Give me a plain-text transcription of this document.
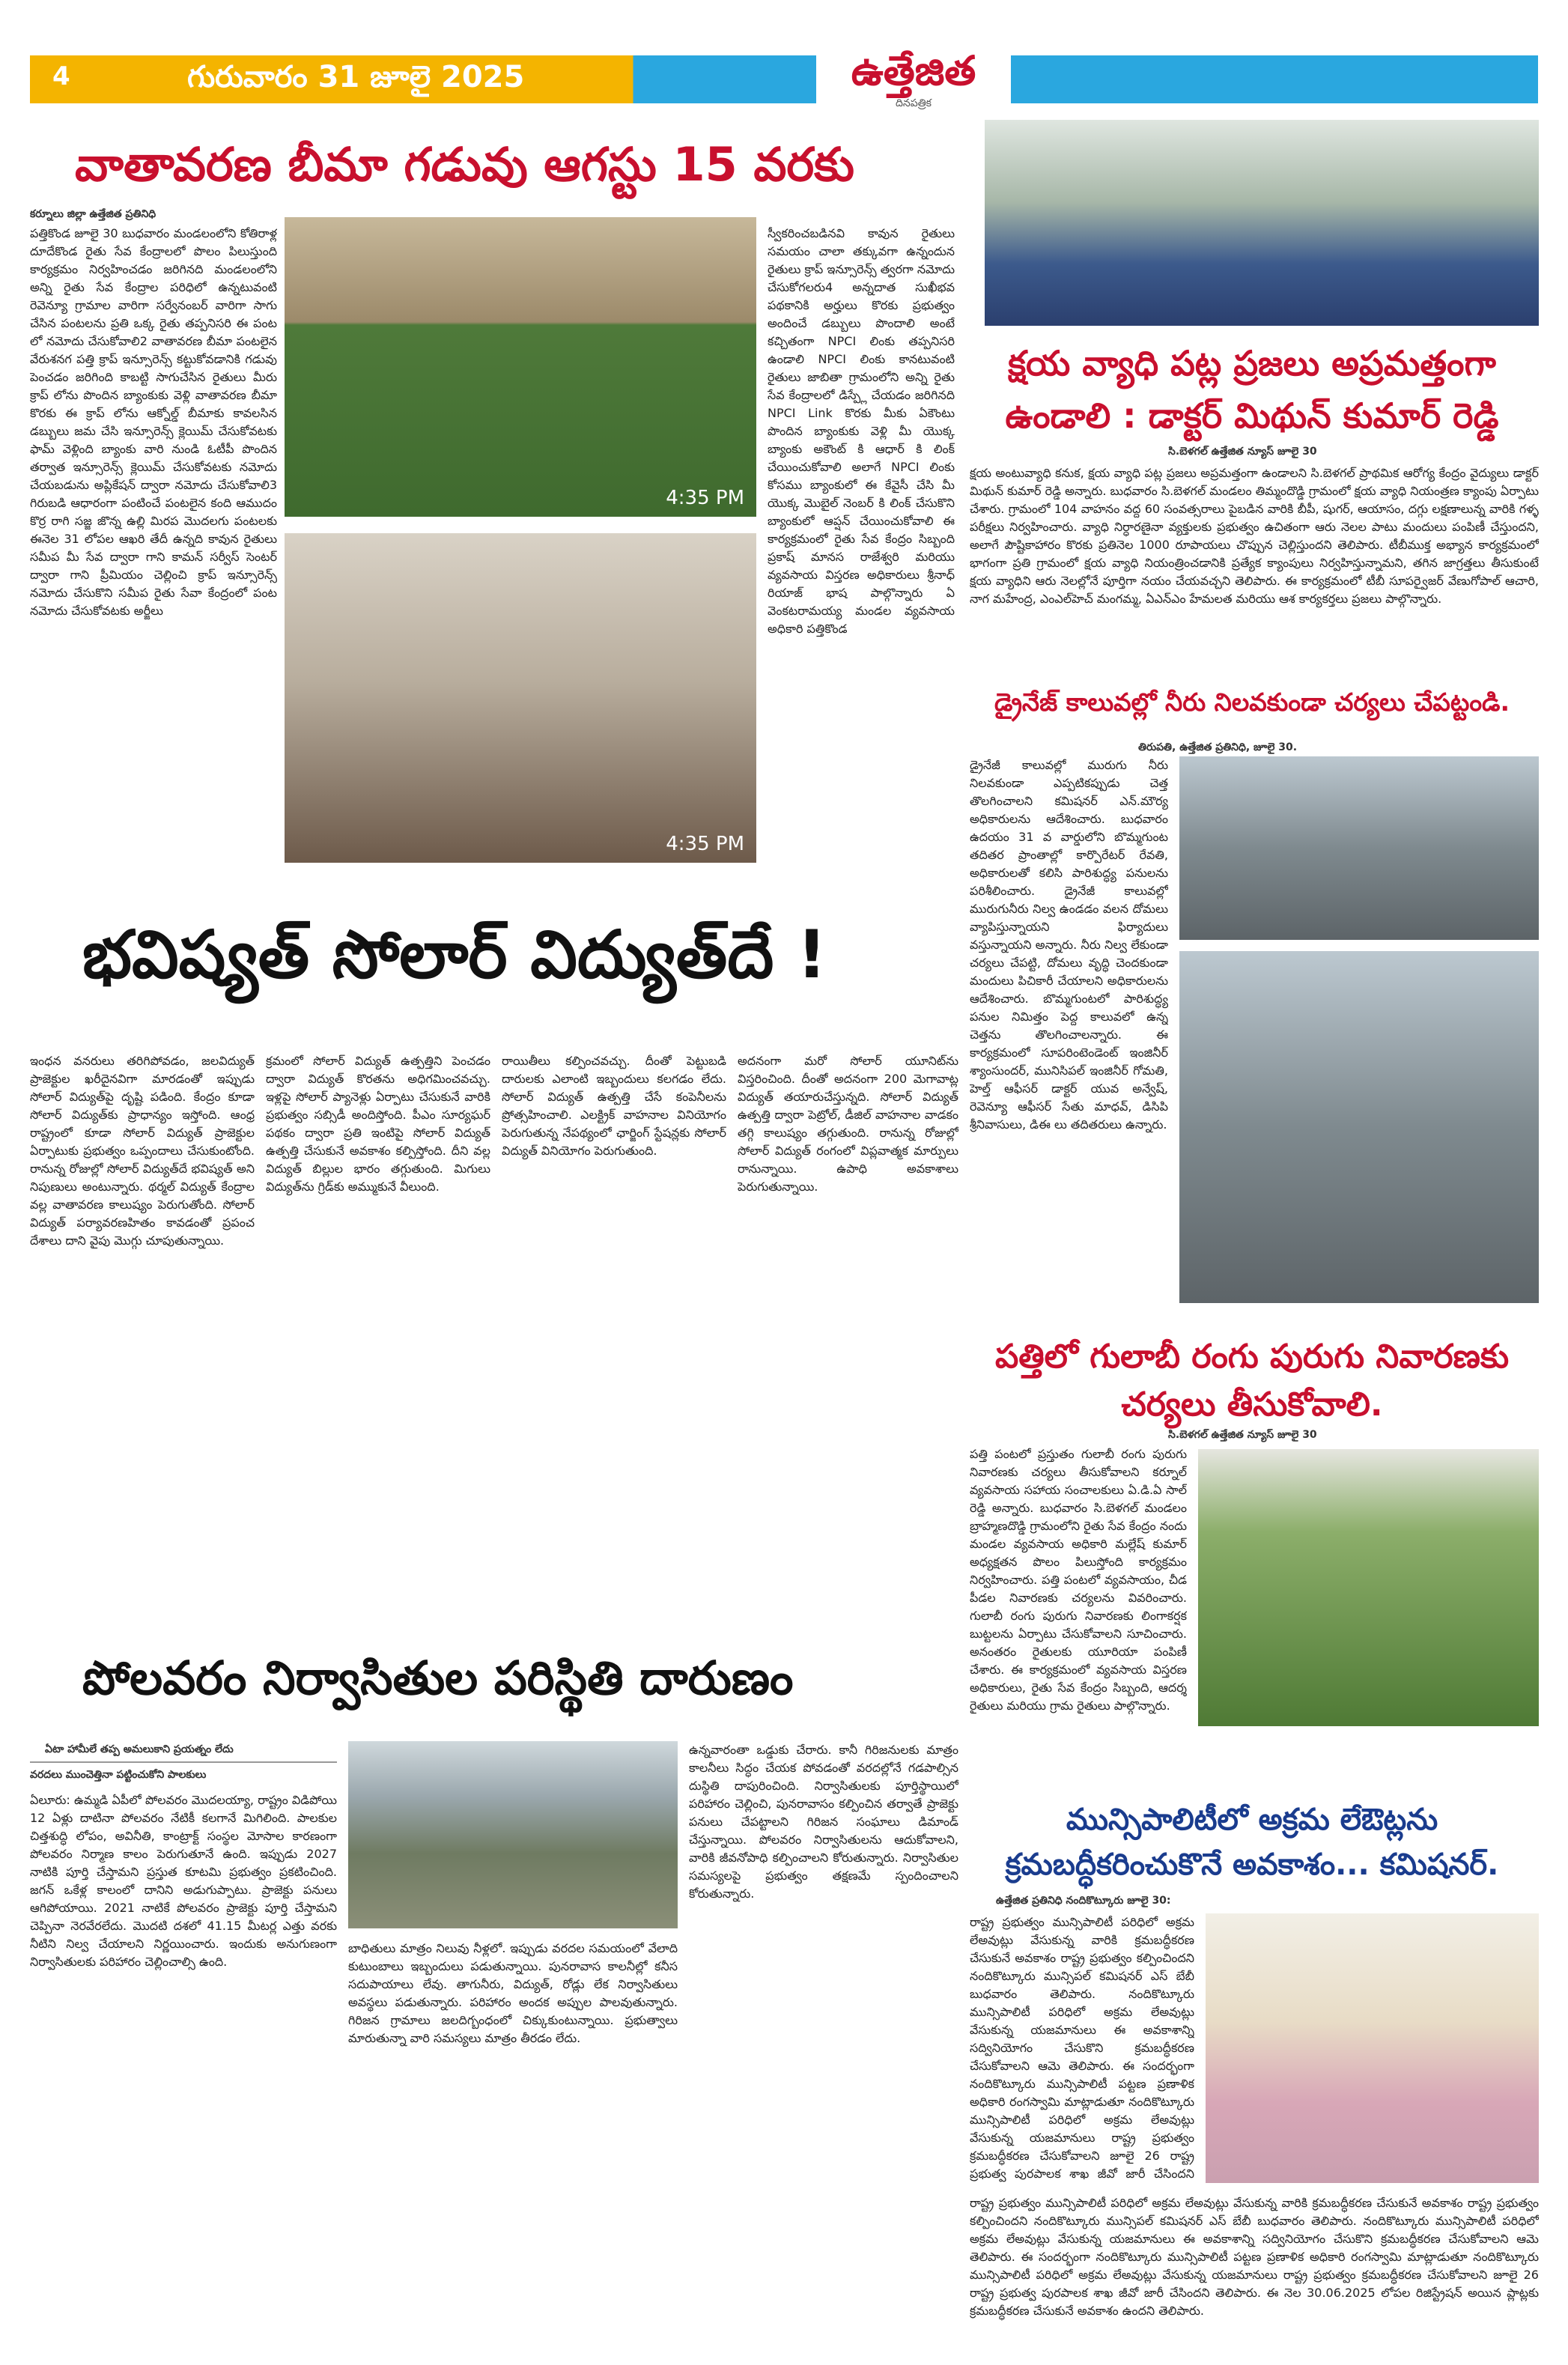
4	గురువారం 31 జూలై 2025	ఉత్తేజిత
దినపత్రిక
వాతావరణ బీమా గడువు ఆగస్టు 15 వరకు
కర్నూలు జిల్లా ఉత్తేజిత ప్రతినిధి
పత్తికొండ జూలై 30 బుధవారం మండలంలోని కోతిరాళ్ల దూదేకొండ రైతు సేవ కేంద్రాలలో పొలం పిలుస్తుంది కార్యక్రమం నిర్వహించడం జరిగినది మండలంలోని అన్ని రైతు సేవ కేంద్రాల పరిధిలో ఉన్నటువంటి రెవెన్యూ గ్రామాల వారిగా సర్వేనంబర్ వారిగా సాగు చేసిన పంటలను ప్రతి ఒక్క రైతు తప్పనిసరి ఈ పంట లో నమోదు చేసుకోవాలి2 వాతావరణ బీమా పంటలైన వేరుశనగ పత్తి క్రాప్ ఇన్సూరెన్స్ కట్టుకోవడానికి గడువు పెంచడం జరిగింది కాబట్టి సాగుచేసిన రైతులు మీరు క్రాప్ లోను పొందిన బ్యాంకుకు వెళ్లి వాతావరణ బీమా కొరకు ఈ క్రాప్ లోను ఆక్నోల్డ్ బీమాకు కావలసిన డబ్బులు జమ చేసి ఇన్సూరెన్స్ క్లెయిమ్ చేసుకోవటకు ఫామ్ వెళ్లింది బ్యాంకు వారి నుండి ఓటీపీ పొందిన తర్వాత ఇన్సూరెన్స్ క్లెయిమ్ చేసుకోవటకు నమోదు చేయబడును అప్లికేషన్ ద్వారా నమోదు చేసుకోవాలి3 గిరుబడి ఆధారంగా పంటించే పంటలైన కంది ఆముదం కొర్ర రాగి సజ్జ జొన్న ఉల్లి మిరప మొదలగు పంటలకు ఈనెల 31 లోపల ఆఖరి తేదీ ఉన్నది కావున రైతులు సమీప మీ సేవ ద్వారా గాని కామన్ సర్వీస్ సెంటర్ ద్వారా గాని ప్రీమియం చెల్లించి క్రాప్ ఇన్సూరెన్స్ నమోదు చేసుకొని సమీప రైతు సేవా కేంద్రంలో పంట నమోదు చేసుకోవటకు అర్జీలు
4:35 PM
4:35 PM
స్వీకరించబడినవి కావున రైతులు సమయం చాలా తక్కువగా ఉన్నందున రైతులు క్రాప్ ఇన్సూరెన్స్ త్వరగా నమోదు చేసుకోగలరు4 అన్నదాత సుఖీభవ పథకానికి అర్హులు కొరకు ప్రభుత్వం అందించే డబ్బులు పొందాలి అంటే కచ్చితంగా NPCI లింకు తప్పనిసరి ఉండాలి NPCI లింకు కానటువంటి రైతులు జాబితా గ్రామంలోని అన్ని రైతు సేవ కేంద్రాలలో డిస్ప్లే చేయడం జరిగినది NPCI Link కొరకు మీకు ఏకౌంటు పొందిన బ్యాంకుకు వెళ్లి మీ యొక్క బ్యాంకు అకౌంట్ కి ఆధార్ కి లింక్ చేయించుకోవాలి అలాగే NPCI లింకు కోసము బ్యాంకులో ఈ కేవైసీ చేసి మీ యొక్క మొబైల్ నెంబర్ కి లింక్ చేసుకొని బ్యాంకులో ఆప్షన్ చేయించుకోవాలి ఈ కార్యక్రమంలో రైతు సేవ కేంద్రం సిబ్బంది ప్రకాష్ మానస రాజేశ్వరి మరియు వ్యవసాయ విస్తరణ అధికారులు శ్రీనాధ్ రియాజ్ భాష పాల్గొన్నారు ఏ వెంకటరామయ్య మండల వ్యవసాయ అధికారి పత్తికొండ
క్షయ వ్యాధి పట్ల ప్రజలు అప్రమత్తంగా ఉండాలి : డాక్టర్ మిథున్ కుమార్ రెడ్డి
సి.బెళగల్ ఉత్తేజిత న్యూస్ జూలై 30
క్షయ అంటువ్యాధి కనుక, క్షయ వ్యాధి పట్ల ప్రజలు అప్రమత్తంగా ఉండాలని సి.బెళగల్ ప్రాథమిక ఆరోగ్య కేంద్రం వైద్యులు డాక్టర్ మిథున్ కుమార్ రెడ్డి అన్నారు. బుధవారం సి.బెళగల్ మండలం తిమ్మందొడ్డి గ్రామంలో క్షయ వ్యాధి నియంత్రణ క్యాంపు ఏర్పాటు చేశారు. గ్రామంలో 104 వాహనం వద్ద 60 సంవత్సరాలు పైబడిన వారికి బీపీ, షుగర్, ఆయాసం, దగ్గు లక్షణాలున్న వారికి గళ్ళ పరీక్షలు నిర్వహించారు. వ్యాధి నిర్ధారణైనా వ్యక్తులకు ప్రభుత్వం ఉచితంగా ఆరు నెలల పాటు మందులు పంపిణీ చేస్తుందని, అలాగే పౌష్టికాహారం కొరకు ప్రతినెల 1000 రూపాయలు చొప్పున చెల్లిస్తుందని తెలిపారు. టీబీముక్త అభ్యాన కార్యక్రమంలో భాగంగా ప్రతి గ్రామంలో క్షయ వ్యాధి నియంత్రించడానికి ప్రత్యేక క్యాంపులు నిర్వహిస్తున్నామని, తగిన జాగ్రత్తలు తీసుకుంటే క్షయ వ్యాధిని ఆరు నెలల్లోనే పూర్తిగా నయం చేయవచ్చని తెలిపారు. ఈ కార్యక్రమంలో టీబీ సూపర్వైజర్ వేణుగోపాల్ ఆచారి, నాగ మహేంద్ర, ఎంఎల్‌హెచ్ మంగమ్మ, ఏఎన్ఎం హేమలత మరియు ఆశ కార్యకర్తలు ప్రజలు పాల్గొన్నారు.
డ్రైనేజ్ కాలువల్లో నీరు నిలవకుండా చర్యలు చేపట్టండి.
తిరుపతి, ఉత్తేజిత ప్రతినిధి, జూలై 30.
డ్రైనేజీ కాలువల్లో మురుగు నీరు నిలవకుండా ఎప్పటికప్పుడు చెత్త తొలగించాలని కమిషనర్ ఎన్.మౌర్య అధికారులను ఆదేశించారు. బుధవారం ఉదయం 31 వ వార్డులోని బొమ్మగుంట తదితర ప్రాంతాల్లో కార్పొరేటర్ రేవతి, అధికారులతో కలిసి పారిశుద్ధ్య పనులను పరిశీలించారు. డ్రైనేజీ కాలువల్లో మురుగునీరు నిల్వ ఉండడం వలన దోమలు వ్యాపిస్తున్నాయని ఫిర్యాదులు వస్తున్నాయని అన్నారు. నీరు నిల్వ లేకుండా చర్యలు చేపట్టి, దోమలు వృద్ధి చెందకుండా మందులు పిచికారీ చేయాలని అధికారులను ఆదేశించారు. బొమ్మగుంటలో పారిశుద్ధ్య పనుల నిమిత్తం పెద్ద కాలువలో ఉన్న చెత్తను తొలగించాలన్నారు. ఈ కార్యక్రమంలో సూపరింటెండెంట్ ఇంజినీర్ శ్యాంసుందర్, మునిసిపల్ ఇంజినీర్ గోమతి, హెల్త్ ఆఫీసర్ డాక్టర్ యువ అన్వేష్, రెవెన్యూ ఆఫీసర్ సేతు మాధవ్, డిసిపి శ్రీనివాసులు, డిఈ లు తదితరులు ఉన్నారు.
భవిష్యత్ సోలార్ విద్యుత్‌దే !
ఇంధన వనరులు తరిగిపోవడం, జలవిద్యుత్ ప్రాజెక్టుల ఖరీదైనవిగా మారడంతో ఇప్పుడు సోలార్ విద్యుత్‌పై దృష్టి పడింది. కేంద్రం కూడా సోలార్ విద్యుత్‌కు ప్రాధాన్యం ఇస్తోంది. ఆంధ్ర రాష్ట్రంలో కూడా సోలార్ విద్యుత్ ప్రాజెక్టుల ఏర్పాటుకు ప్రభుత్వం ఒప్పందాలు చేసుకుంటోంది. రానున్న రోజుల్లో సోలార్ విద్యుత్‌దే భవిష్యత్ అని నిపుణులు అంటున్నారు. థర్మల్ విద్యుత్ కేంద్రాల వల్ల వాతావరణ కాలుష్యం పెరుగుతోంది. సోలార్ విద్యుత్ పర్యావరణహితం కావడంతో ప్రపంచ దేశాలు దాని వైపు మొగ్గు చూపుతున్నాయి.
క్రమంలో సోలార్ విద్యుత్ ఉత్పత్తిని పెంచడం ద్వారా విద్యుత్ కొరతను అధిగమించవచ్చు. ఇళ్లపై సోలార్ ప్యానెళ్లు ఏర్పాటు చేసుకునే వారికి ప్రభుత్వం సబ్సిడీ అందిస్తోంది. పీఎం సూర్యఘర్ పథకం ద్వారా ప్రతి ఇంటిపై సోలార్ విద్యుత్ ఉత్పత్తి చేసుకునే అవకాశం కల్పిస్తోంది. దీని వల్ల విద్యుత్ బిల్లుల భారం తగ్గుతుంది. మిగులు విద్యుత్‌ను గ్రిడ్‌కు అమ్ముకునే వీలుంది.
రాయితీలు కల్పించవచ్చు. దీంతో పెట్టుబడి దారులకు ఎలాంటి ఇబ్బందులు కలగడం లేదు. సోలార్ విద్యుత్ ఉత్పత్తి చేసే కంపెనీలను ప్రోత్సహించాలి. ఎలక్ట్రిక్ వాహనాల వినియోగం పెరుగుతున్న నేపథ్యంలో ఛార్జింగ్ స్టేషన్లకు సోలార్ విద్యుత్ వినియోగం పెరుగుతుంది.
అదనంగా మరో సోలార్ యూనిట్‌ను విస్తరించింది. దీంతో అదనంగా 200 మెగావాట్ల విద్యుత్ తయారుచేస్తున్నది. సోలార్ విద్యుత్ ఉత్పత్తి ద్వారా పెట్రోల్, డీజిల్ వాహనాల వాడకం తగ్గి కాలుష్యం తగ్గుతుంది. రానున్న రోజుల్లో సోలార్ విద్యుత్ రంగంలో విప్లవాత్మక మార్పులు రానున్నాయి. ఉపాధి అవకాశాలు పెరుగుతున్నాయి.
పత్తిలో గులాబీ రంగు పురుగు నివారణకు చర్యలు తీసుకోవాలి.
సి.బెళగల్ ఉత్తేజిత న్యూస్ జూలై 30
పత్తి పంటలో ప్రస్తుతం గులాబీ రంగు పురుగు నివారణకు చర్యలు తీసుకోవాలని కర్నూల్ వ్యవసాయ సహాయ సంచాలకులు ఏ.డి.ఏ సాల్ రెడ్డి అన్నారు. బుధవారం సి.బెళగల్ మండలం బ్రాహ్మణదొడ్డి గ్రామంలోని రైతు సేవ కేంద్రం నందు మండల వ్యవసాయ అధికారి మల్లేష్ కుమార్ అధ్యక్షతన పొలం పిలుస్తోంది కార్యక్రమం నిర్వహించారు. పత్తి పంటలో వ్యవసాయం, చీడ పీడల నివారణకు చర్యలను వివరించారు. గులాబీ రంగు పురుగు నివారణకు లింగాకర్షక బుట్టలను ఏర్పాటు చేసుకోవాలని సూచించారు. అనంతరం రైతులకు యూరియా పంపిణీ చేశారు. ఈ కార్యక్రమంలో వ్యవసాయ విస్తరణ అధికారులు, రైతు సేవ కేంద్రం సిబ్బంది, ఆదర్శ రైతులు మరియు గ్రామ రైతులు పాల్గొన్నారు.
పోలవరం నిర్వాసితుల పరిస్థితి దారుణం
ఏటా హామీలే తప్ప అమలుకాని ప్రయత్నం లేదు
వరదలు ముంచెత్తినా పట్టించుకోని పాలకులు
ఏలూరు: ఉమ్మడి ఏపీలో పోలవరం మొదలయ్యా, రాష్ట్రం విడిపోయి 12 ఏళ్లు దాటినా పోలవరం నేటికీ కలగానే మిగిలింది. పాలకుల చిత్తశుద్ధి లోపం, అవినీతి, కాంట్రాక్ట్ సంస్థల మోసాల కారణంగా పోలవరం నిర్మాణ కాలం పెరుగుతూనే ఉంది. ఇప్పుడు 2027 నాటికి పూర్తి చేస్తామని ప్రస్తుత కూటమి ప్రభుత్వం ప్రకటించింది. జగన్ ఒకేళ్ల కాలంలో దానిని అడుగుప్పాటు. ప్రాజెక్టు పనులు ఆగిపోయాయి. 2021 నాటికే పోలవరం ప్రాజెక్టు పూర్తి చేస్తామని చెప్పినా నెరవేరలేదు. మొదటి దశలో 41.15 మీటర్ల ఎత్తు వరకు నీటిని నిల్వ చేయాలని నిర్ణయించారు. ఇందుకు అనుగుణంగా నిర్వాసితులకు పరిహారం చెల్లించాల్సి ఉంది.
బాధితులు మాత్రం నిలువు నీళ్లలో. ఇప్పుడు వరదల సమయంలో వేలాది కుటుంబాలు ఇబ్బందులు పడుతున్నాయి. పునరావాస కాలనీల్లో కనీస సదుపాయాలు లేవు. తాగునీరు, విద్యుత్, రోడ్లు లేక నిర్వాసితులు అవస్థలు పడుతున్నారు. పరిహారం అందక అప్పుల పాలవుతున్నారు. గిరిజన గ్రామాలు జలదిగ్బంధంలో చిక్కుకుంటున్నాయి. ప్రభుత్వాలు మారుతున్నా వారి సమస్యలు మాత్రం తీరడం లేదు.
ఉన్నవారంతా ఒడ్డుకు చేరారు. కానీ గిరిజనులకు మాత్రం కాలనీలు సిద్ధం చేయక పోవడంతో వరదల్లోనే గడపాల్సిన దుస్థితి దాపురించింది. నిర్వాసితులకు పూర్తిస్థాయిలో పరిహారం చెల్లించి, పునరావాసం కల్పించిన తర్వాతే ప్రాజెక్టు పనులు చేపట్టాలని గిరిజన సంఘాలు డిమాండ్ చేస్తున్నాయి. పోలవరం నిర్వాసితులను ఆదుకోవాలని, వారికి జీవనోపాధి కల్పించాలని కోరుతున్నారు. నిర్వాసితుల సమస్యలపై ప్రభుత్వం తక్షణమే స్పందించాలని కోరుతున్నారు.
మున్సిపాలిటీలో అక్రమ లేఔట్లను క్రమబద్ధీకరించుకొనే అవకాశం... కమిషనర్.
ఉత్తేజిత ప్రతినిధి నందికొట్కూరు జూలై 30:
రాష్ట్ర ప్రభుత్వం మున్సిపాలిటీ పరిధిలో అక్రమ లేఅవుట్లు వేసుకున్న వారికి క్రమబద్ధీకరణ చేసుకునే అవకాశం రాష్ట్ర ప్రభుత్వం కల్పించిందని నందికొట్కూరు మున్సిపల్ కమిషనర్ ఎస్ బేబీ బుధవారం తెలిపారు. నందికొట్కూరు మున్సిపాలిటీ పరిధిలో అక్రమ లేఅవుట్లు వేసుకున్న యజమానులు ఈ అవకాశాన్ని సద్వినియోగం చేసుకొని క్రమబద్ధీకరణ చేసుకోవాలని ఆమె తెలిపారు. ఈ సందర్భంగా నందికొట్కూరు మున్సిపాలిటీ పట్టణ ప్రణాళిక అధికారి రంగస్వామి మాట్లాడుతూ నందికొట్కూరు మున్సిపాలిటీ పరిధిలో అక్రమ లేఅవుట్లు వేసుకున్న యజమానులు రాష్ట్ర ప్రభుత్వం క్రమబద్ధీకరణ చేసుకోవాలని జూలై 26 రాష్ట్ర ప్రభుత్వ పురపాలక శాఖ జీవో జారీ చేసిందని
రాష్ట్ర ప్రభుత్వం మున్సిపాలిటీ పరిధిలో అక్రమ లేఅవుట్లు వేసుకున్న వారికి క్రమబద్ధీకరణ చేసుకునే అవకాశం రాష్ట్ర ప్రభుత్వం కల్పించిందని నందికొట్కూరు మున్సిపల్ కమిషనర్ ఎస్ బేబీ బుధవారం తెలిపారు. నందికొట్కూరు మున్సిపాలిటీ పరిధిలో అక్రమ లేఅవుట్లు వేసుకున్న యజమానులు ఈ అవకాశాన్ని సద్వినియోగం చేసుకొని క్రమబద్ధీకరణ చేసుకోవాలని ఆమె తెలిపారు. ఈ సందర్భంగా నందికొట్కూరు మున్సిపాలిటీ పట్టణ ప్రణాళిక అధికారి రంగస్వామి మాట్లాడుతూ నందికొట్కూరు మున్సిపాలిటీ పరిధిలో అక్రమ లేఅవుట్లు వేసుకున్న యజమానులు రాష్ట్ర ప్రభుత్వం క్రమబద్ధీకరణ చేసుకోవాలని జూలై 26 రాష్ట్ర ప్రభుత్వ పురపాలక శాఖ జీవో జారీ చేసిందని తెలిపారు. ఈ నెల 30.06.2025 లోపల రిజిస్ట్రేషన్ అయిన ప్లాట్లకు క్రమబద్ధీకరణ చేసుకునే అవకాశం ఉందని తెలిపారు.
